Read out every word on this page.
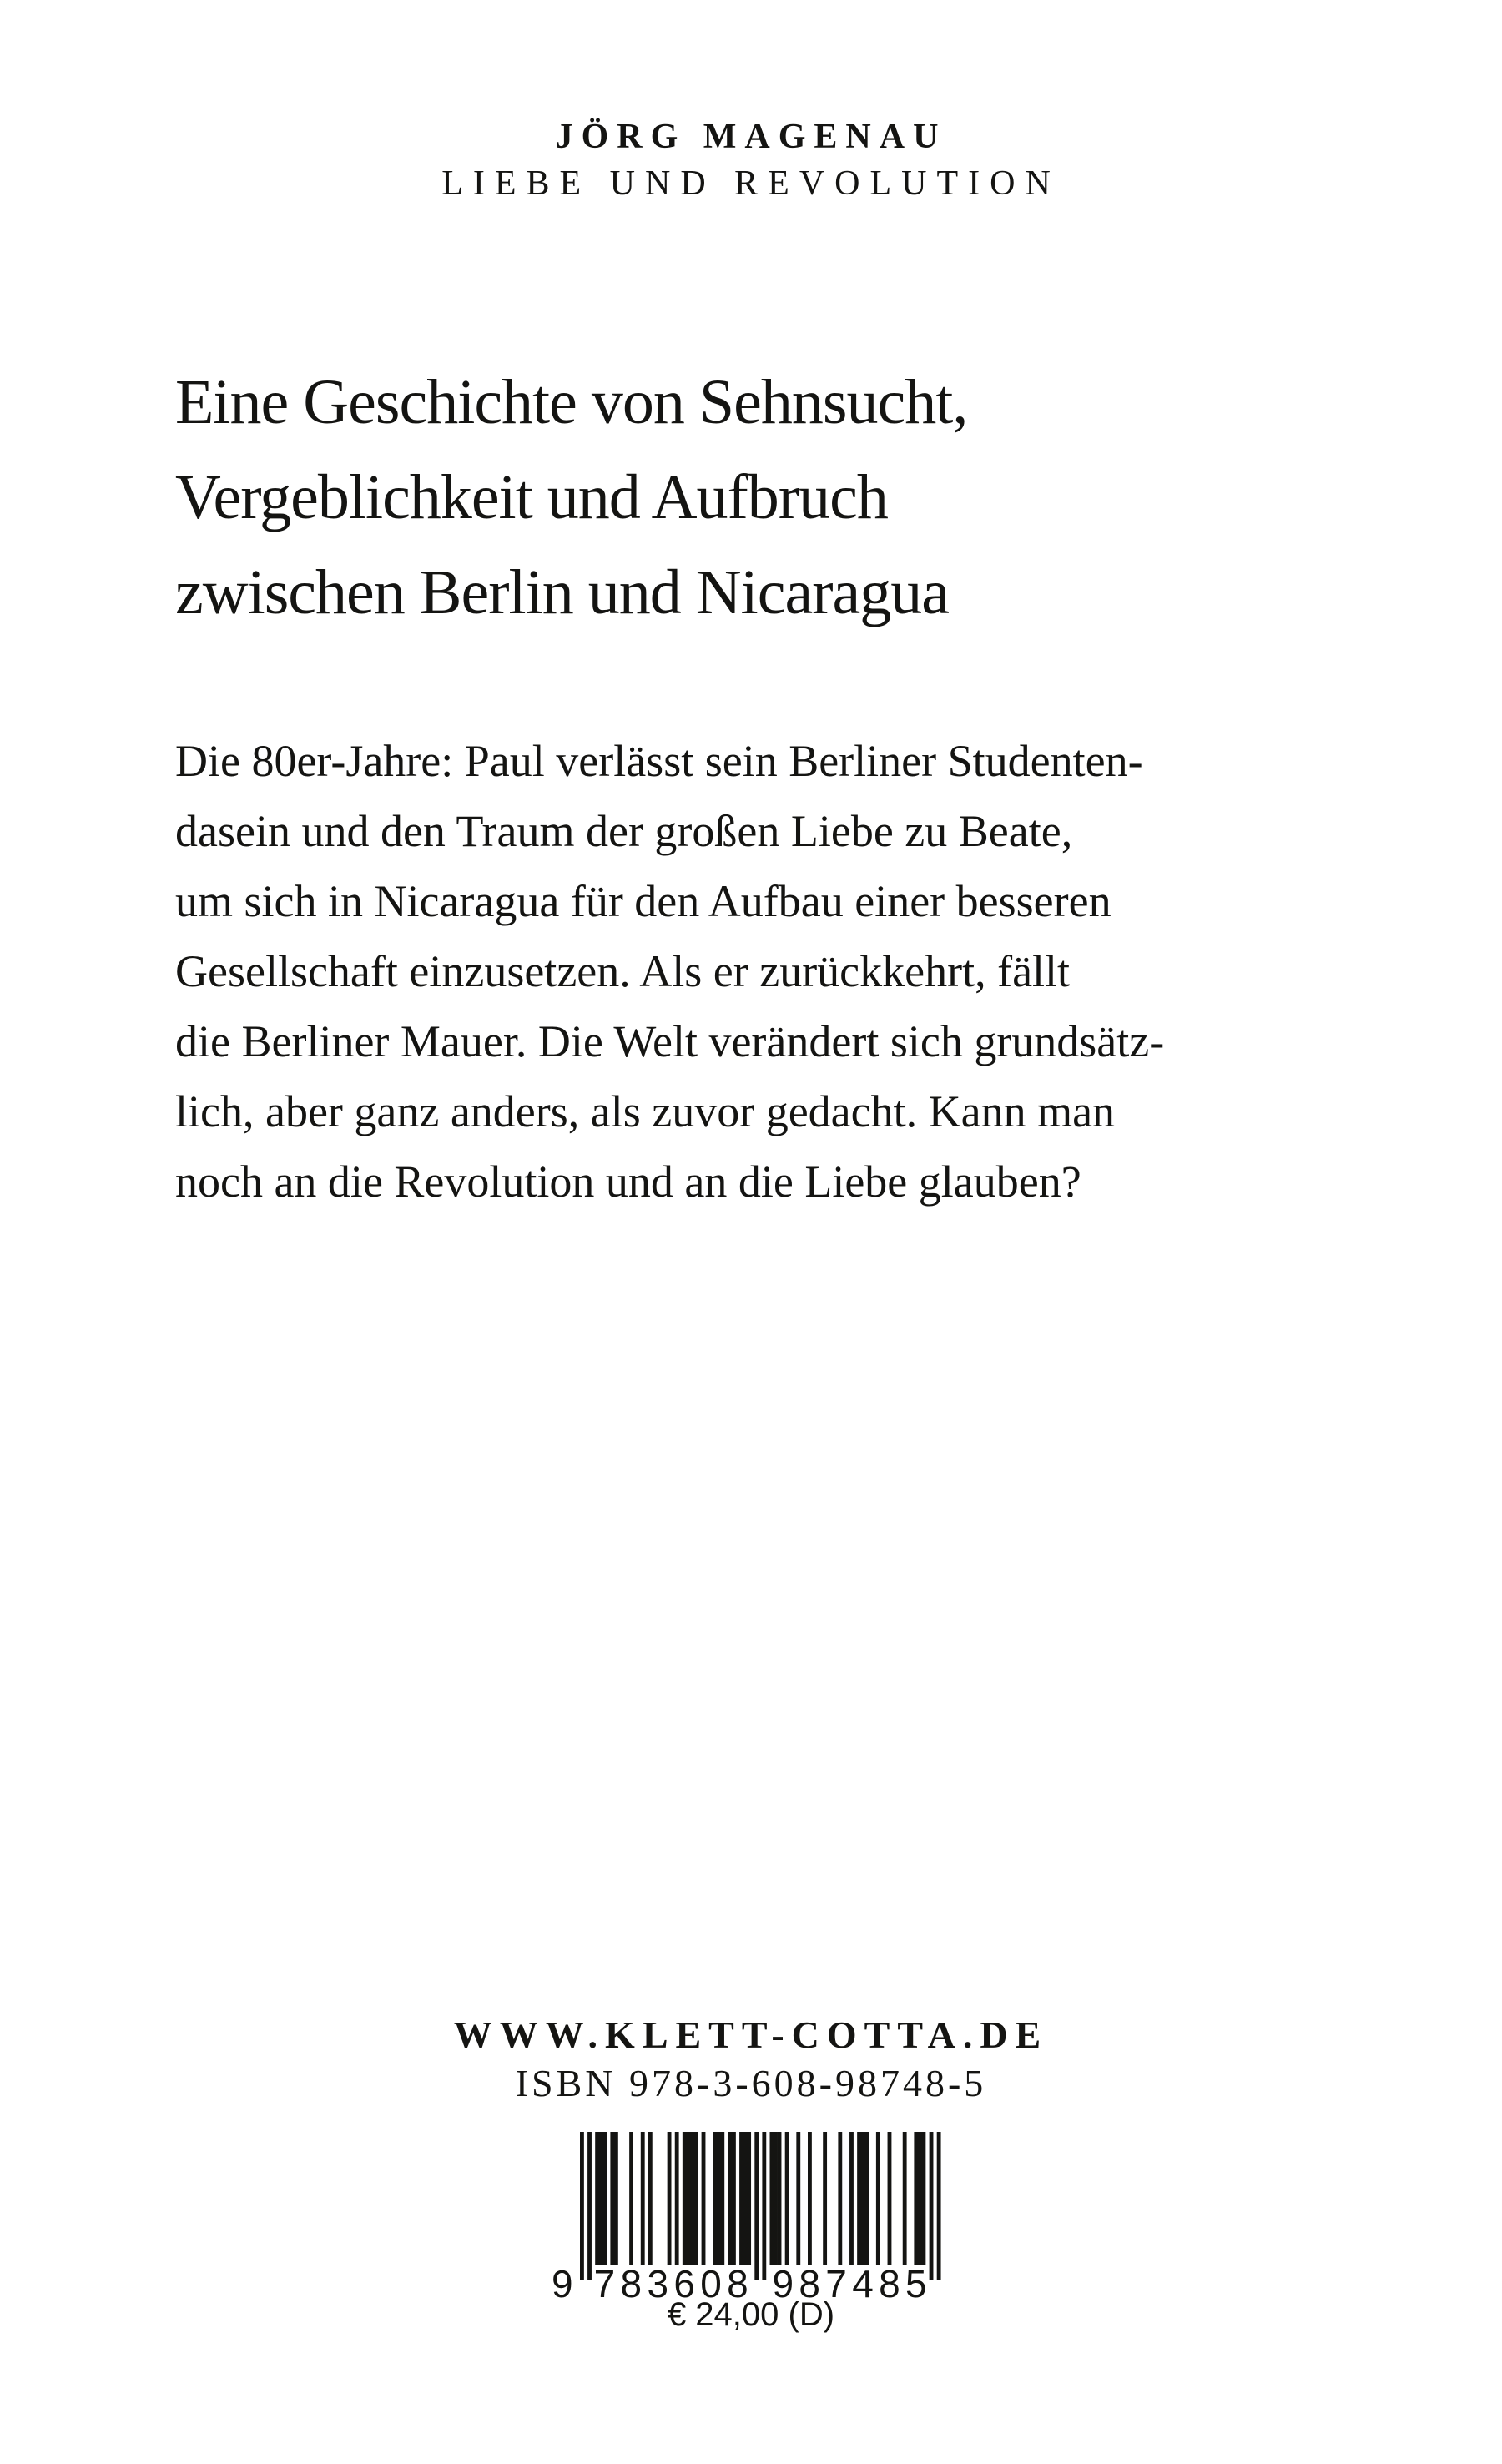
JÖRG MAGENAU
LIEBE UND REVOLUTION
Eine Geschichte von Sehnsucht,
Vergeblichkeit und Aufbruch
zwischen Berlin und Nicaragua
Die 80er-Jahre: Paul verlässt sein Berliner Studenten-
dasein und den Traum der großen Liebe zu Beate,
um sich in Nicaragua für den Aufbau einer besseren
Gesellschaft einzusetzen. Als er zurückkehrt, fällt
die Berliner Mauer. Die Welt verändert sich grundsätz-
lich, aber ganz anders, als zuvor gedacht. Kann man
noch an die Revolution und an die Liebe glauben?
WWW.KLETT-COTTA.DE
ISBN 978-3-608-98748-5
9 783608 987485
€ 24,00 (D)
